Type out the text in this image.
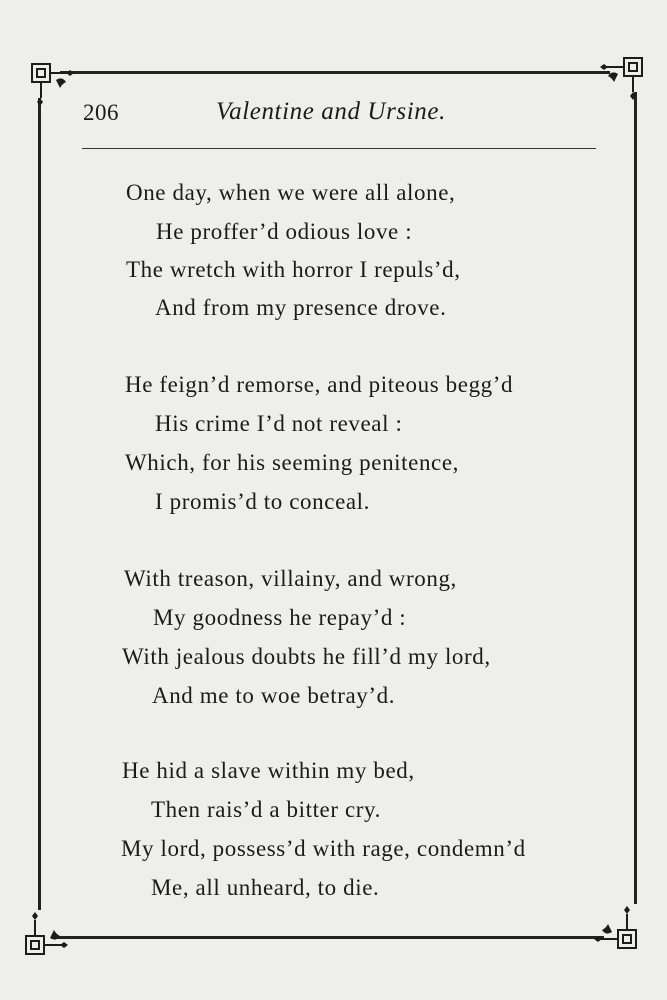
206	Valentine and Ursine.
One day, when we were all alone,
He proffer’d odious love :
The wretch with horror I repuls’d,
And from my presence drove.
He feign’d remorse, and piteous begg’d
His crime I’d not reveal :
Which, for his seeming penitence,
I promis’d to conceal.
With treason, villainy, and wrong,
My goodness he repay’d :
With jealous doubts he fill’d my lord,
And me to woe betray’d.
He hid a slave within my bed,
Then rais’d a bitter cry.
My lord, possess’d with rage, condemn’d
Me, all unheard, to die.
